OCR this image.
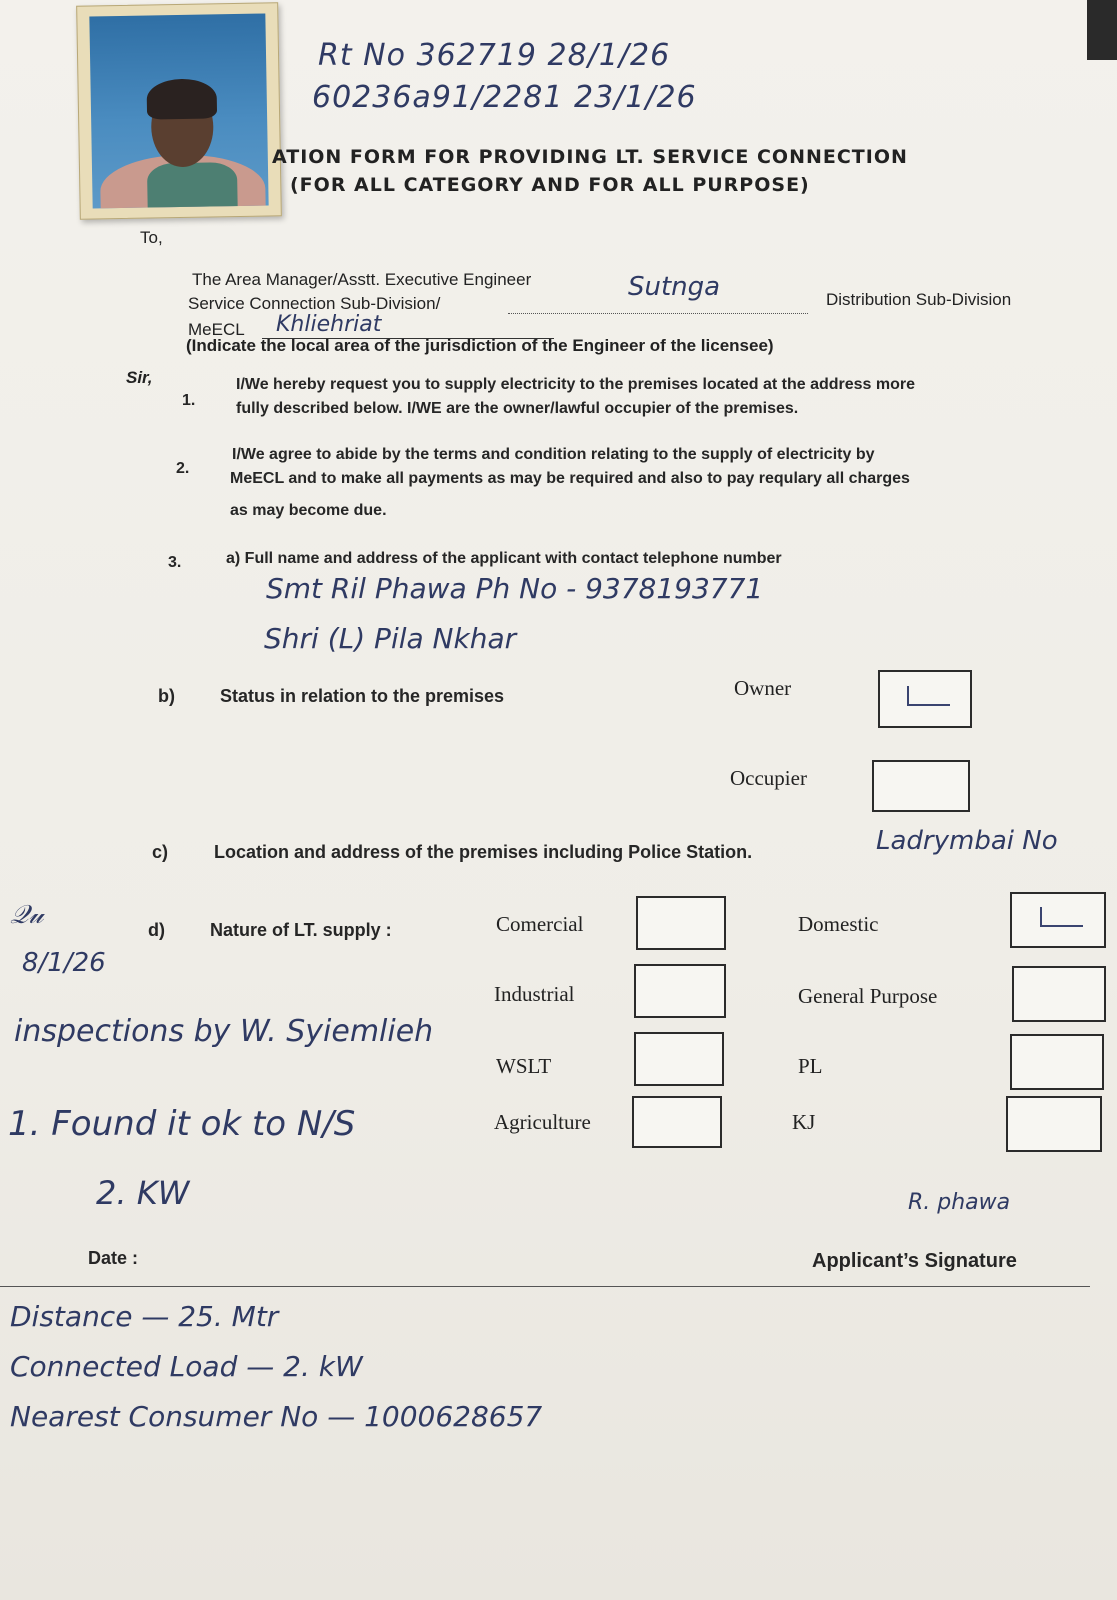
Rt No 362719 28/1/26
60236a91/2281 23/1/26
ATION FORM FOR PROVIDING LT. SERVICE CONNECTION
(FOR ALL CATEGORY AND FOR ALL PURPOSE)
To,
The Area Manager/Asstt. Executive Engineer
Service Connection Sub-Division/
Sutnga	Distribution Sub-Division
MeECL Khliehriat
(Indicate the local area of the jurisdiction of the Engineer of the licensee)
Sir,
1.
I/We hereby request you to supply electricity to the premises located at the address more
fully described below. I/WE are the owner/lawful occupier of the premises.
2.
I/We agree to abide by the terms and condition relating to the supply of electricity by
MeECL and to make all payments as may be required and also to pay requlary all charges
as may become due.
3.	a) Full name and address of the applicant with contact telephone number
Smt Ril Phawa Ph No - 9378193771
Shri (L) Pila Nkhar
b)	Status in relation to the premises	Owner
Occupier
c)	Location and address of the premises including Police Station.	Ladrymbai No
𝒬𝓊
8/1/26
d)	Nature of LT. supply :	Comercial	Domestic
Industrial	General Purpose
inspections by W. Syiemlieh
WSLT	PL
1. Found it ok to N/S	Agriculture	KJ
2. KW	R. phawa
Date :	Applicant’s Signature
Distance — 25. Mtr
Connected Load — 2. kW
Nearest Consumer No — 1000628657
